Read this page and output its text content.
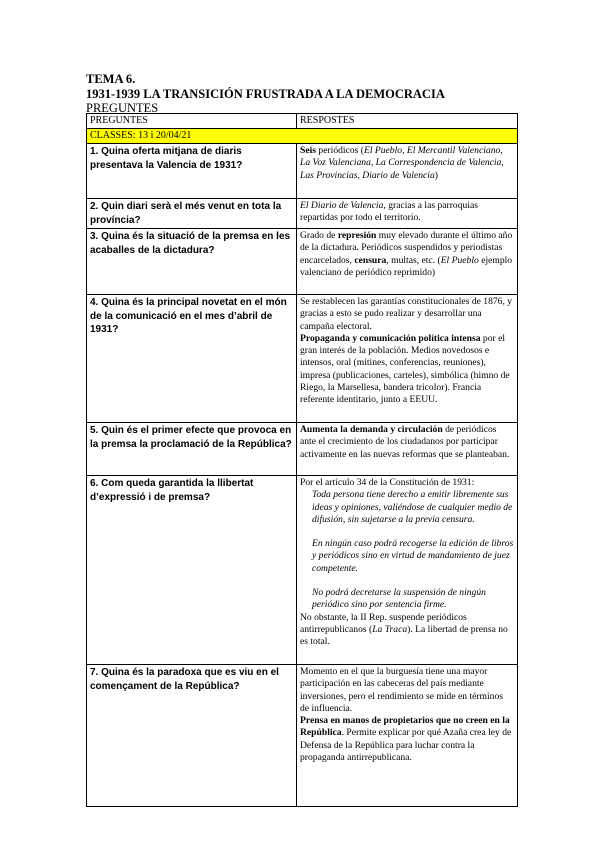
TEMA 6.
1931-1939 LA TRANSICIÓN FRUSTRADA A LA DEMOCRACIA
PREGUNTES
PREGUNTES	RESPOSTES
CLASSES: 13 i 20/04/21	
1. Quina oferta mitjana de diaris presentava la Valencia de 1931?	Seis periódicos (El Pueblo, El Mercantil Valenciano, La Voz Valenciana, La Correspondencia de Valencia, Las Provincias, Diario de Valencia)
2. Quin diari serà el més venut en tota la província?	El Diario de Valencia, gracias a las parroquias repartidas por todo el territorio.
3. Quina és la situació de la premsa en les acaballes de la dictadura?	Grado de represión muy elevado durante el último año de la dictadura. Periódicos suspendidos y periodistas encarcelados, censura, multas, etc. (El Pueblo ejemplo valenciano de periódico reprimido)
4. Quina és la principal novetat en el món de la comunicació en el mes d’abril de 1931?	Se restablecen las garantías constitucionales de 1876, y gracias a esto se pudo realizar y desarrollar una campaña electoral.

Propaganda y comunicación política intensa por el gran interés de la población. Medios novedosos e intensos, oral (mítines, conferencias, reuniones), impresa (publicaciones, carteles), simbólica (himno de Riego, la Marsellesa, bandera tricolor). Francia referente identitario, junto a EEUU.

5. Quin és el primer efecte que provoca en la premsa la proclamació de la República?	Aumenta la demanda y circulación de periódicos ante el crecimiento de los ciudadanos por participar activamente en las nuevas reformas que se planteaban.
6. Com queda garantida la llibertat d’expressió i de premsa?	Por el artículo 34 de la Constitución de 1931:

Toda persona tiene derecho a emitir libremente sus ideas y opiniones, valiéndose de cualquier medio de difusión, sin sujetarse a la previa censura.

En ningún caso podrá recogerse la edición de libros y periódicos sino en virtud de mandamiento de juez competente.

No podrá decretarse la suspensión de ningún periódico sino por sentencia firme.

No obstante, la II Rep. suspende periódicos antirrepublicanos (La Traca). La libertad de prensa no es total.

7. Quina és la paradoxa que es viu en el començament de la República?	Momento en el que la burguesía tiene una mayor participación en las cabeceras del país mediante inversiones, pero el rendimiento se mide en términos de influencia.

Prensa en manos de propietarios que no creen en la República. Permite explicar por qué Azaña crea ley de Defensa de la República para luchar contra la propaganda antirrepublicana.
